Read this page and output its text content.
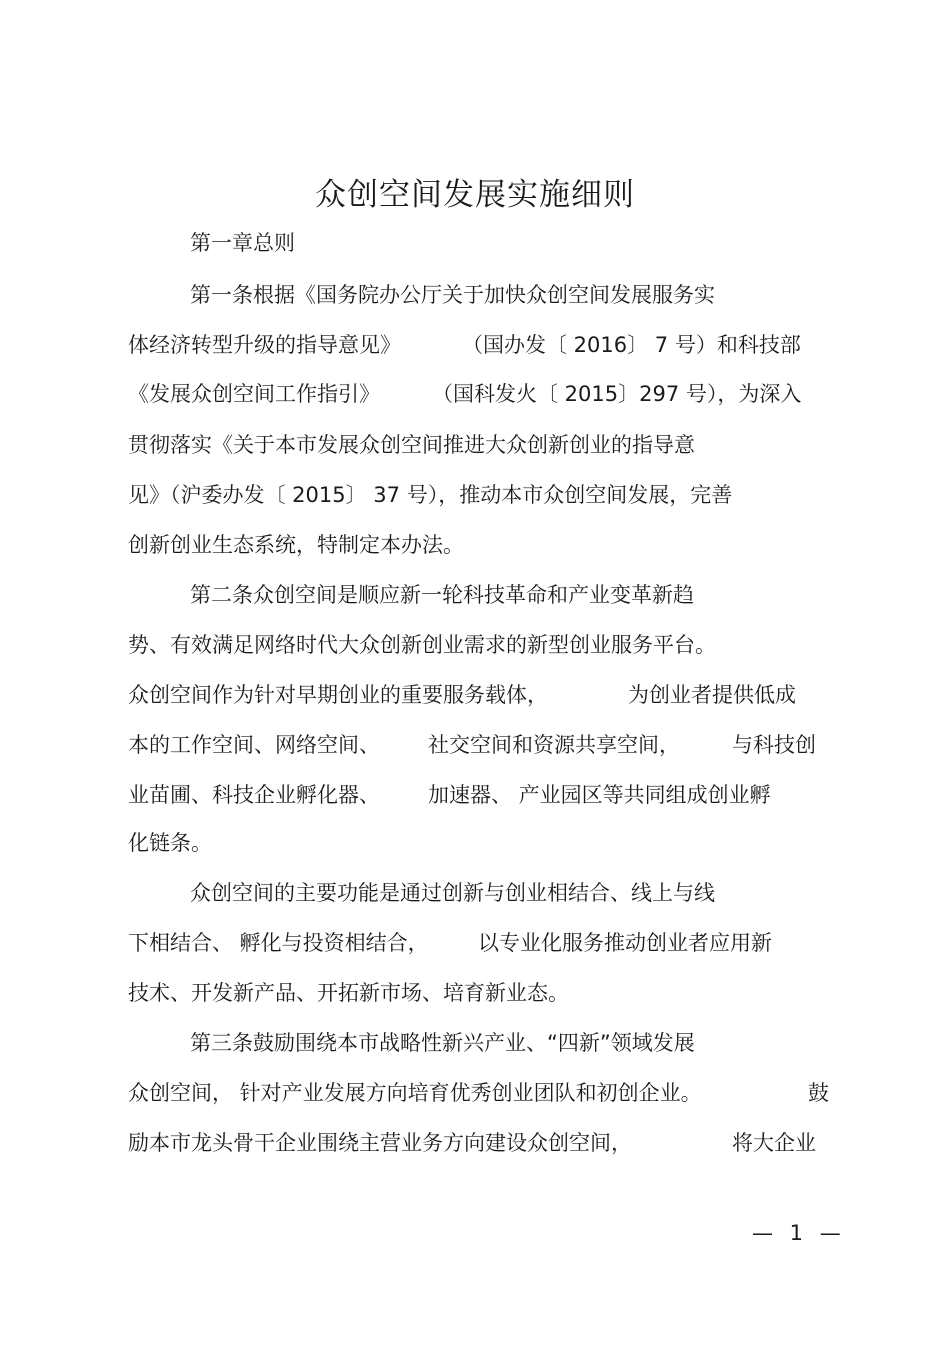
众创空间发展实施细则
第一章总则
第一条根据《国务院办公厅关于加快众创空间发展服务实
体经济转型升级的指导意见》	（国办发〔 2016〕 7 号）和科技部
《发展众创空间工作指引》 （国科发火〔 2015〕297 号），为深入
贯彻落实《关于本市发展众创空间推进大众创新创业的指导意
见》（沪委办发〔 2015〕 37 号），推动本市众创空间发展，完善
创新创业生态系统，特制定本办法。
第二条众创空间是顺应新一轮科技革命和产业变革新趋
势、有效满足网络时代大众创新创业需求的新型创业服务平台。
众创空间作为针对早期创业的重要服务载体，	为创业者提供低成
本的工作空间、网络空间、 社交空间和资源共享空间， 与科技创
业苗圃、科技企业孵化器、 加速器、 产业园区等共同组成创业孵
化链条。
众创空间的主要功能是通过创新与创业相结合、线上与线
下相结合、 孵化与投资相结合， 以专业化服务推动创业者应用新
技术、开发新产品、开拓新市场、培育新业态。
第三条鼓励围绕本市战略性新兴产业、“四新”领域发展
众创空间， 针对产业发展方向培育优秀创业团队和初创企业。	鼓
励本市龙头骨干企业围绕主营业务方向建设众创空间，	将大企业
— 1 —
